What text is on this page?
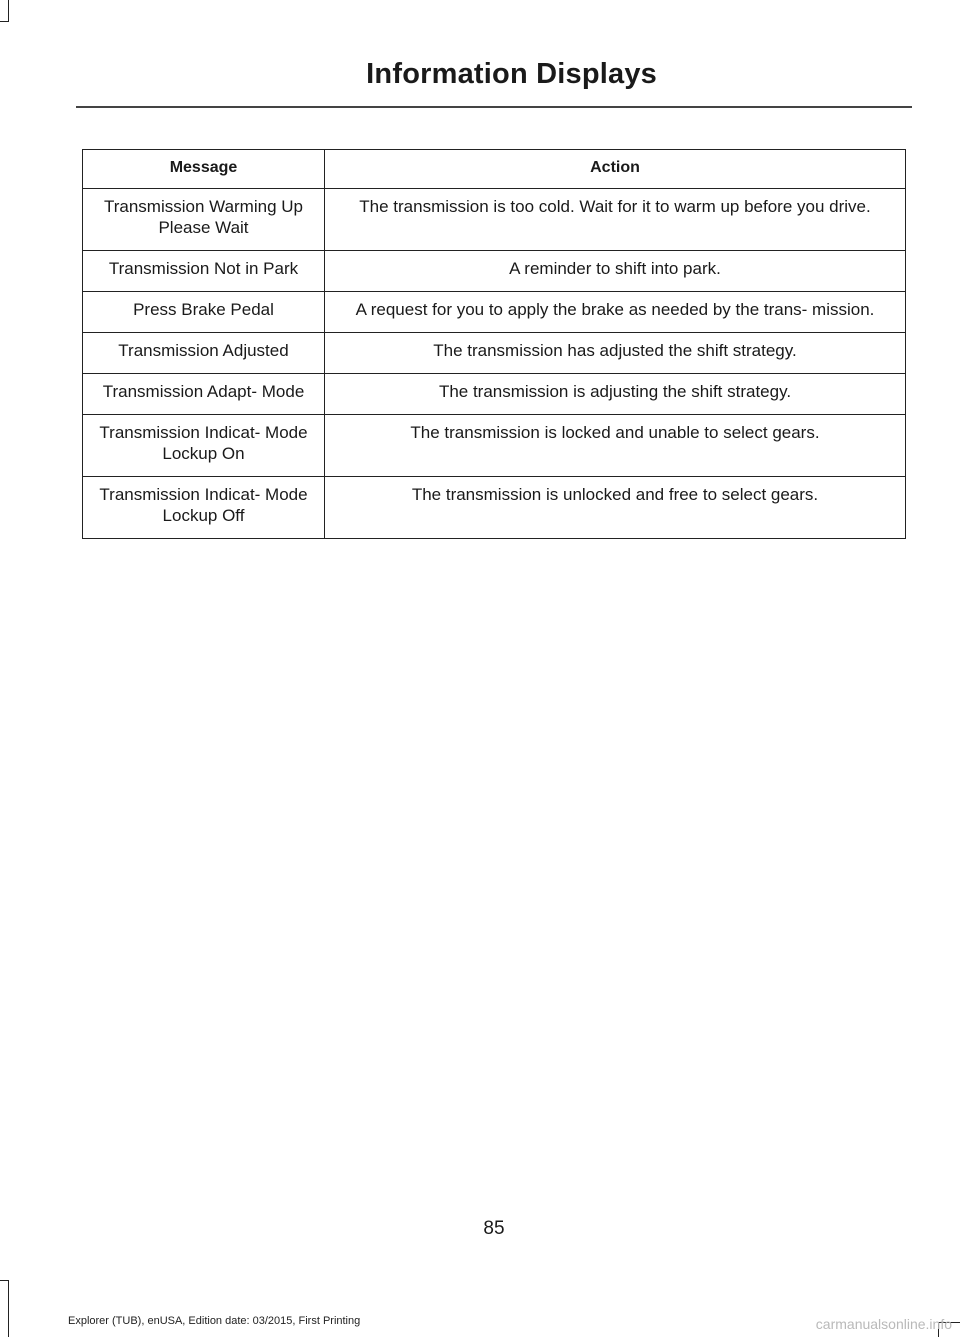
Information Displays
Message	Action
Transmission Warming Up Please Wait	The transmission is too cold. Wait for it to warm up before you drive.
Transmission Not in Park	A reminder to shift into park.
Press Brake Pedal	A request for you to apply the brake as needed by the trans- mission.
Transmission Adjusted	The transmission has adjusted the shift strategy.
Transmission Adapt- Mode	The transmission is adjusting the shift strategy.
Transmission Indicat- Mode Lockup On	The transmission is locked and unable to select gears.
Transmission Indicat- Mode Lockup Off	The transmission is unlocked and free to select gears.
85
Explorer (TUB), enUSA, Edition date: 03/2015, First Printing	carmanualsonline.info
